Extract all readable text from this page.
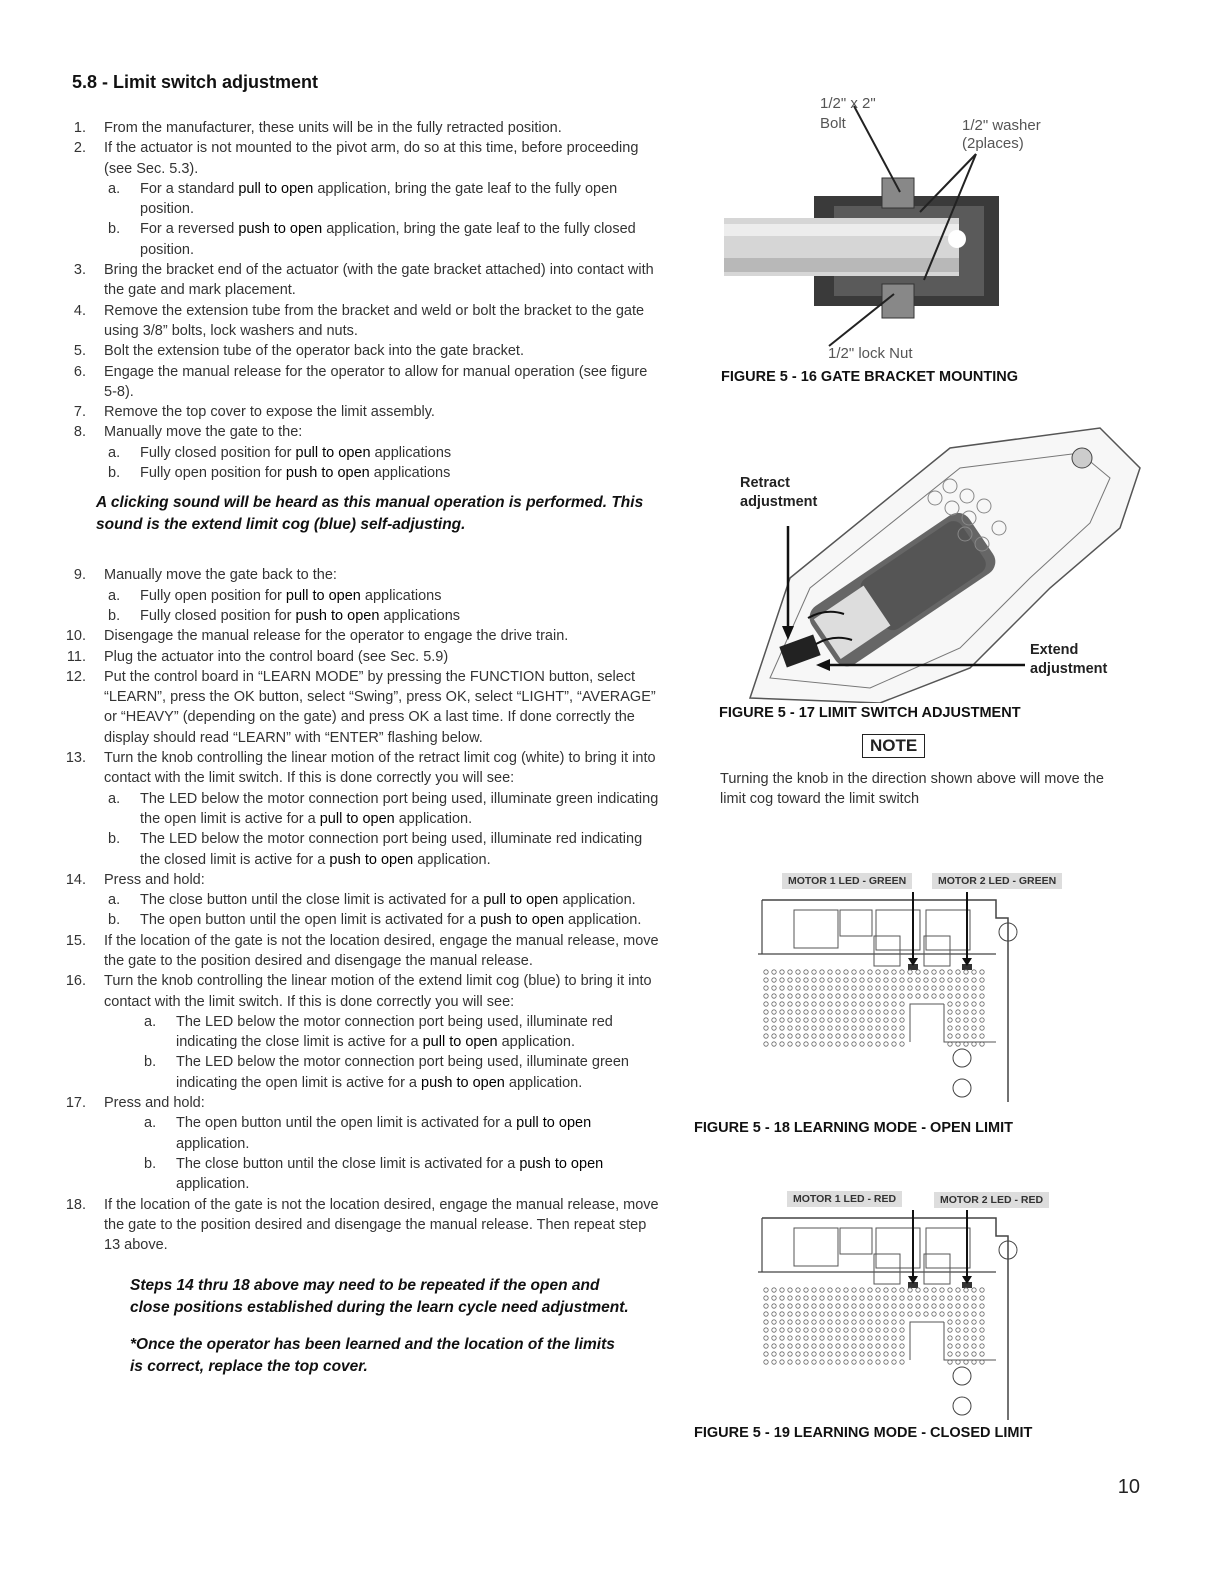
5.8 - Limit switch adjustment
1. From the manufacturer, these units will be in the fully retracted position.
2. If the actuator is not mounted to the pivot arm, do so at this time, before proceeding (see Sec. 5.3).
a.	For a standard pull to open application, bring the gate leaf to the fully open position.
b.	For a reversed push to open application, bring the gate leaf to the fully closed position.
3. Bring the bracket end of the actuator (with the gate bracket attached) into contact with the gate and mark placement.
4. Remove the extension tube from the bracket and weld or bolt the bracket to the gate using 3/8” bolts, lock washers and nuts.
5. Bolt the extension tube of the operator back into the gate bracket.
6. Engage the manual release for the operator to allow for manual operation (see figure 5-8).
7. Remove the top cover to expose the limit assembly.
8. Manually move the gate to the:
a.	Fully closed position for pull to open applications
b.	Fully open position for push to open applications
A clicking sound will be heard as this manual operation is performed. This sound is the extend limit cog (blue) self-adjusting.
9. Manually move the gate back to the:
a.	Fully open position for pull to open applications
b.	Fully closed position for push to open applications
10. Disengage the manual release for the operator to engage the drive train.
11. Plug the actuator into the control board (see Sec. 5.9)
12. Put the control board in “LEARN MODE” by pressing the FUNCTION button, select “LEARN”, press the OK button, select “Swing”, press OK, select “LIGHT”, “AVERAGE” or “HEAVY” (depending on the gate) and press OK a last time. If done correctly the display should read “LEARN” with “ENTER” flashing below.
13. Turn the knob controlling the linear motion of the retract limit cog (white) to bring it into contact with the limit switch. If this is done correctly you will see:
a.	The LED below the motor connection port being used, illuminate green indicating the open limit is active for a pull to open application.
b.	The LED below the motor connection port being used, illuminate red indicating the closed limit is active for a push to open application.
14. Press and hold:
a.	The close button until the close limit is activated for a pull to open application.
b.	The open button until the open limit is activated for a push to open application.
15. If the location of the gate is not the location desired, engage the manual release, move the gate to the position desired and disengage the manual release.
16. Turn the knob controlling the linear motion of the extend limit cog (blue) to bring it into contact with the limit switch. If this is done correctly you will see:
a.	The LED below the motor connection port being used, illuminate red indicating the close limit is active for a pull to open application.
b.	The LED below the motor connection port being used, illuminate green indicating the open limit is active for a push to open application.
17. Press and hold:
a.	The open button until the open limit is activated for a pull to open application.
b.	The close button until the close limit is activated for a push to open application.
18. If the location of the gate is not the location desired, engage the manual release, move the gate to the position desired and disengage the manual release. Then repeat step 13 above.
Steps 14 thru 18 above may need to be repeated if the open and close positions established during the learn cycle need adjustment.
*Once the operator has been learned and the location of the limits is correct, replace the top cover.
1/2" x 2"
Bolt	1/2" washer
(2places)
1/2" lock Nut
FIGURE 5 - 16 GATE BRACKET MOUNTING
Retract
adjustment
Extend
adjustment
FIGURE 5 - 17 LIMIT SWITCH ADJUSTMENT
NOTE
Turning the knob in the direction shown above will move the limit cog toward the limit switch
MOTOR 1 LED - GREEN	MOTOR 2 LED - GREEN
FIGURE 5 - 18 LEARNING MODE - OPEN LIMIT
MOTOR 1 LED - RED	MOTOR 2 LED - RED
FIGURE 5 - 19 LEARNING MODE - CLOSED LIMIT
10
